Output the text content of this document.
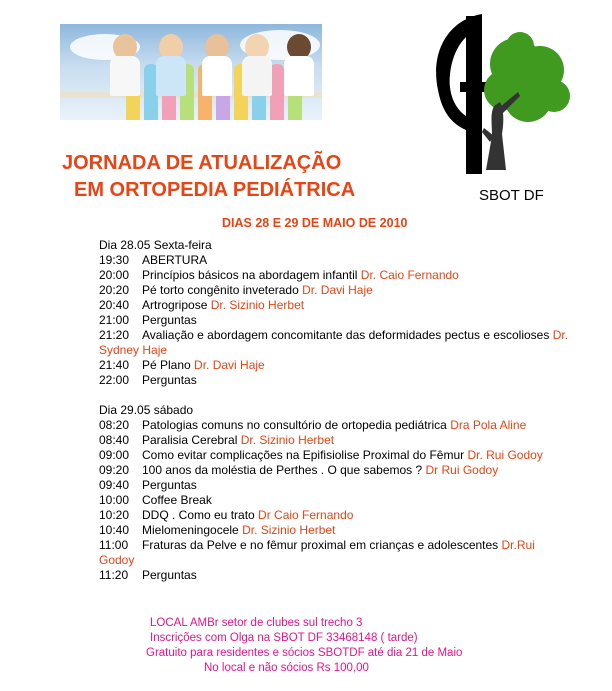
SBOT DF
JORNADA DE ATUALIZAÇÃO
EM ORTOPEDIA PEDIÁTRICA
DIAS 28 E 29 DE MAIO DE 2010
Dia 28.05 Sexta-feira
19:30 ABERTURA
20:00 Princípios básicos na abordagem infantil Dr. Caio Fernando
20:20 Pé torto congênito inveterado Dr. Davi Haje
20:40 Artrogripose Dr. Sizinio Herbet
21:00 Perguntas
21:20 Avaliação e abordagem concomitante das deformidades pectus e escolioses Dr. Sydney Haje
21:40 Pé Plano Dr. Davi Haje
22:00 Perguntas
Dia 29.05 sábado
08:20 Patologias comuns no consultório de ortopedia pediátrica Dra Pola Aline
08:40 Paralisia Cerebral Dr. Sizinio Herbet
09:00 Como evitar complicações na Epifisiolise Proximal do Fêmur Dr. Rui Godoy
09:20 100 anos da moléstia de Perthes . O que sabemos ? Dr Rui Godoy
09:40 Perguntas
10:00 Coffee Break
10:20 DDQ . Como eu trato Dr Caio Fernando
10:40 Mielomeningocele Dr. Sizinio Herbet
11:00 Fraturas da Pelve e no fêmur proximal em crianças e adolescentes Dr.Rui Godoy
11:20 Perguntas
LOCAL AMBr setor de clubes sul trecho 3
Inscrições com Olga na SBOT DF 33468148 ( tarde)
Gratuito para residentes e sócios SBOTDF até dia 21 de Maio
No local e não sócios Rs 100,00
